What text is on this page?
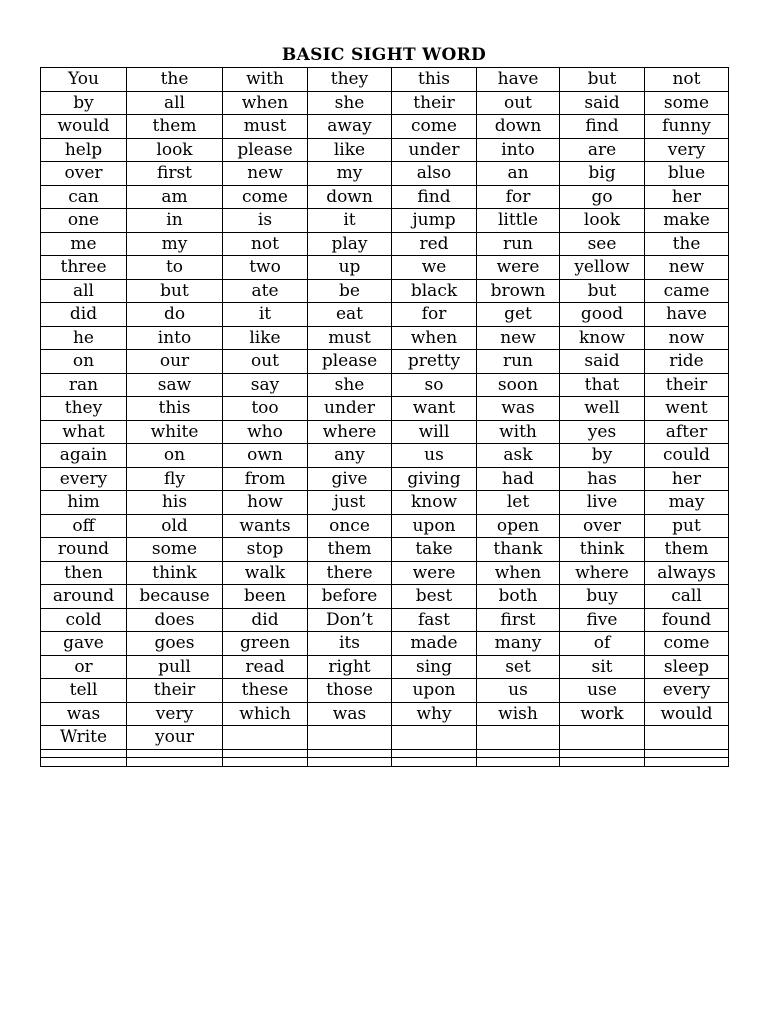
BASIC SIGHT WORD
You	the	with	they	this	have	but	not
by	all	when	she	their	out	said	some
would	them	must	away	come	down	find	funny
help	look	please	like	under	into	are	very
over	first	new	my	also	an	big	blue
can	am	come	down	find	for	go	her
one	in	is	it	jump	little	look	make
me	my	not	play	red	run	see	the
three	to	two	up	we	were	yellow	new
all	but	ate	be	black	brown	but	came
did	do	it	eat	for	get	good	have
he	into	like	must	when	new	know	now
on	our	out	please	pretty	run	said	ride
ran	saw	say	she	so	soon	that	their
they	this	too	under	want	was	well	went
what	white	who	where	will	with	yes	after
again	on	own	any	us	ask	by	could
every	fly	from	give	giving	had	has	her
him	his	how	just	know	let	live	may
off	old	wants	once	upon	open	over	put
round	some	stop	them	take	thank	think	them
then	think	walk	there	were	when	where	always
around	because	been	before	best	both	buy	call
cold	does	did	Don’t	fast	first	five	found
gave	goes	green	its	made	many	of	come
or	pull	read	right	sing	set	sit	sleep
tell	their	these	those	upon	us	use	every
was	very	which	was	why	wish	work	would
Write	your						
